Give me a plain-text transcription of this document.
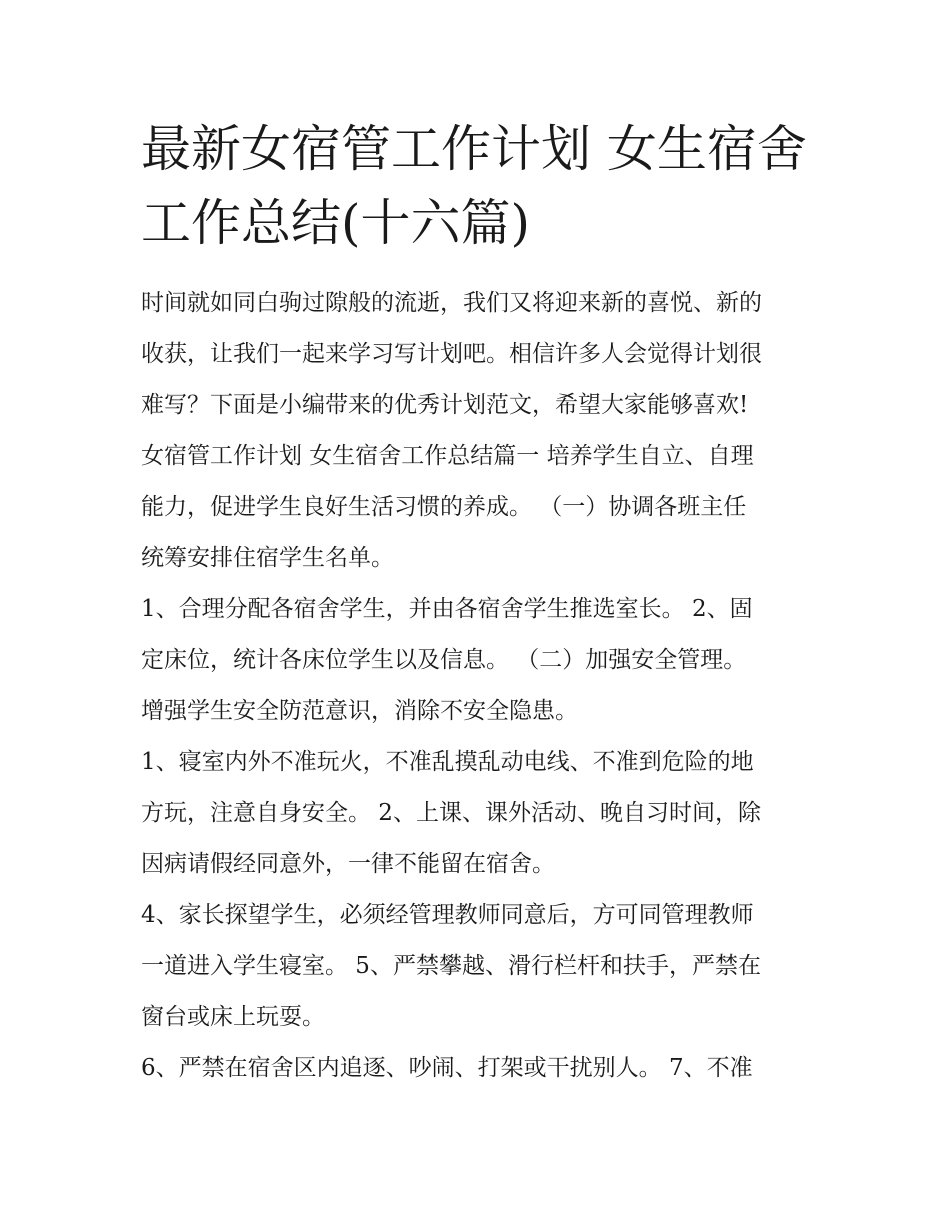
最新女宿管工作计划 女生宿舍
工作总结(十六篇)
时间就如同白驹过隙般的流逝，我们又将迎来新的喜悦、新的
收获，让我们一起来学习写计划吧。相信许多人会觉得计划很
难写？下面是小编带来的优秀计划范文，希望大家能够喜欢!
女宿管工作计划 女生宿舍工作总结篇一 培养学生自立、自理
能力，促进学生良好生活习惯的养成。 （一）协调各班主任
统筹安排住宿学生名单。
1、合理分配各宿舍学生，并由各宿舍学生推选室长。 2、固
定床位，统计各床位学生以及信息。 （二）加强安全管理。
增强学生安全防范意识，消除不安全隐患。
1、寝室内外不准玩火，不准乱摸乱动电线、不准到危险的地
方玩，注意自身安全。 2、上课、课外活动、晚自习时间，除
因病请假经同意外，一律不能留在宿舍。
4、家长探望学生，必须经管理教师同意后，方可同管理教师
一道进入学生寝室。 5、严禁攀越、滑行栏杆和扶手，严禁在
窗台或床上玩耍。
6、严禁在宿舍区内追逐、吵闹、打架或干扰别人。 7、不准
